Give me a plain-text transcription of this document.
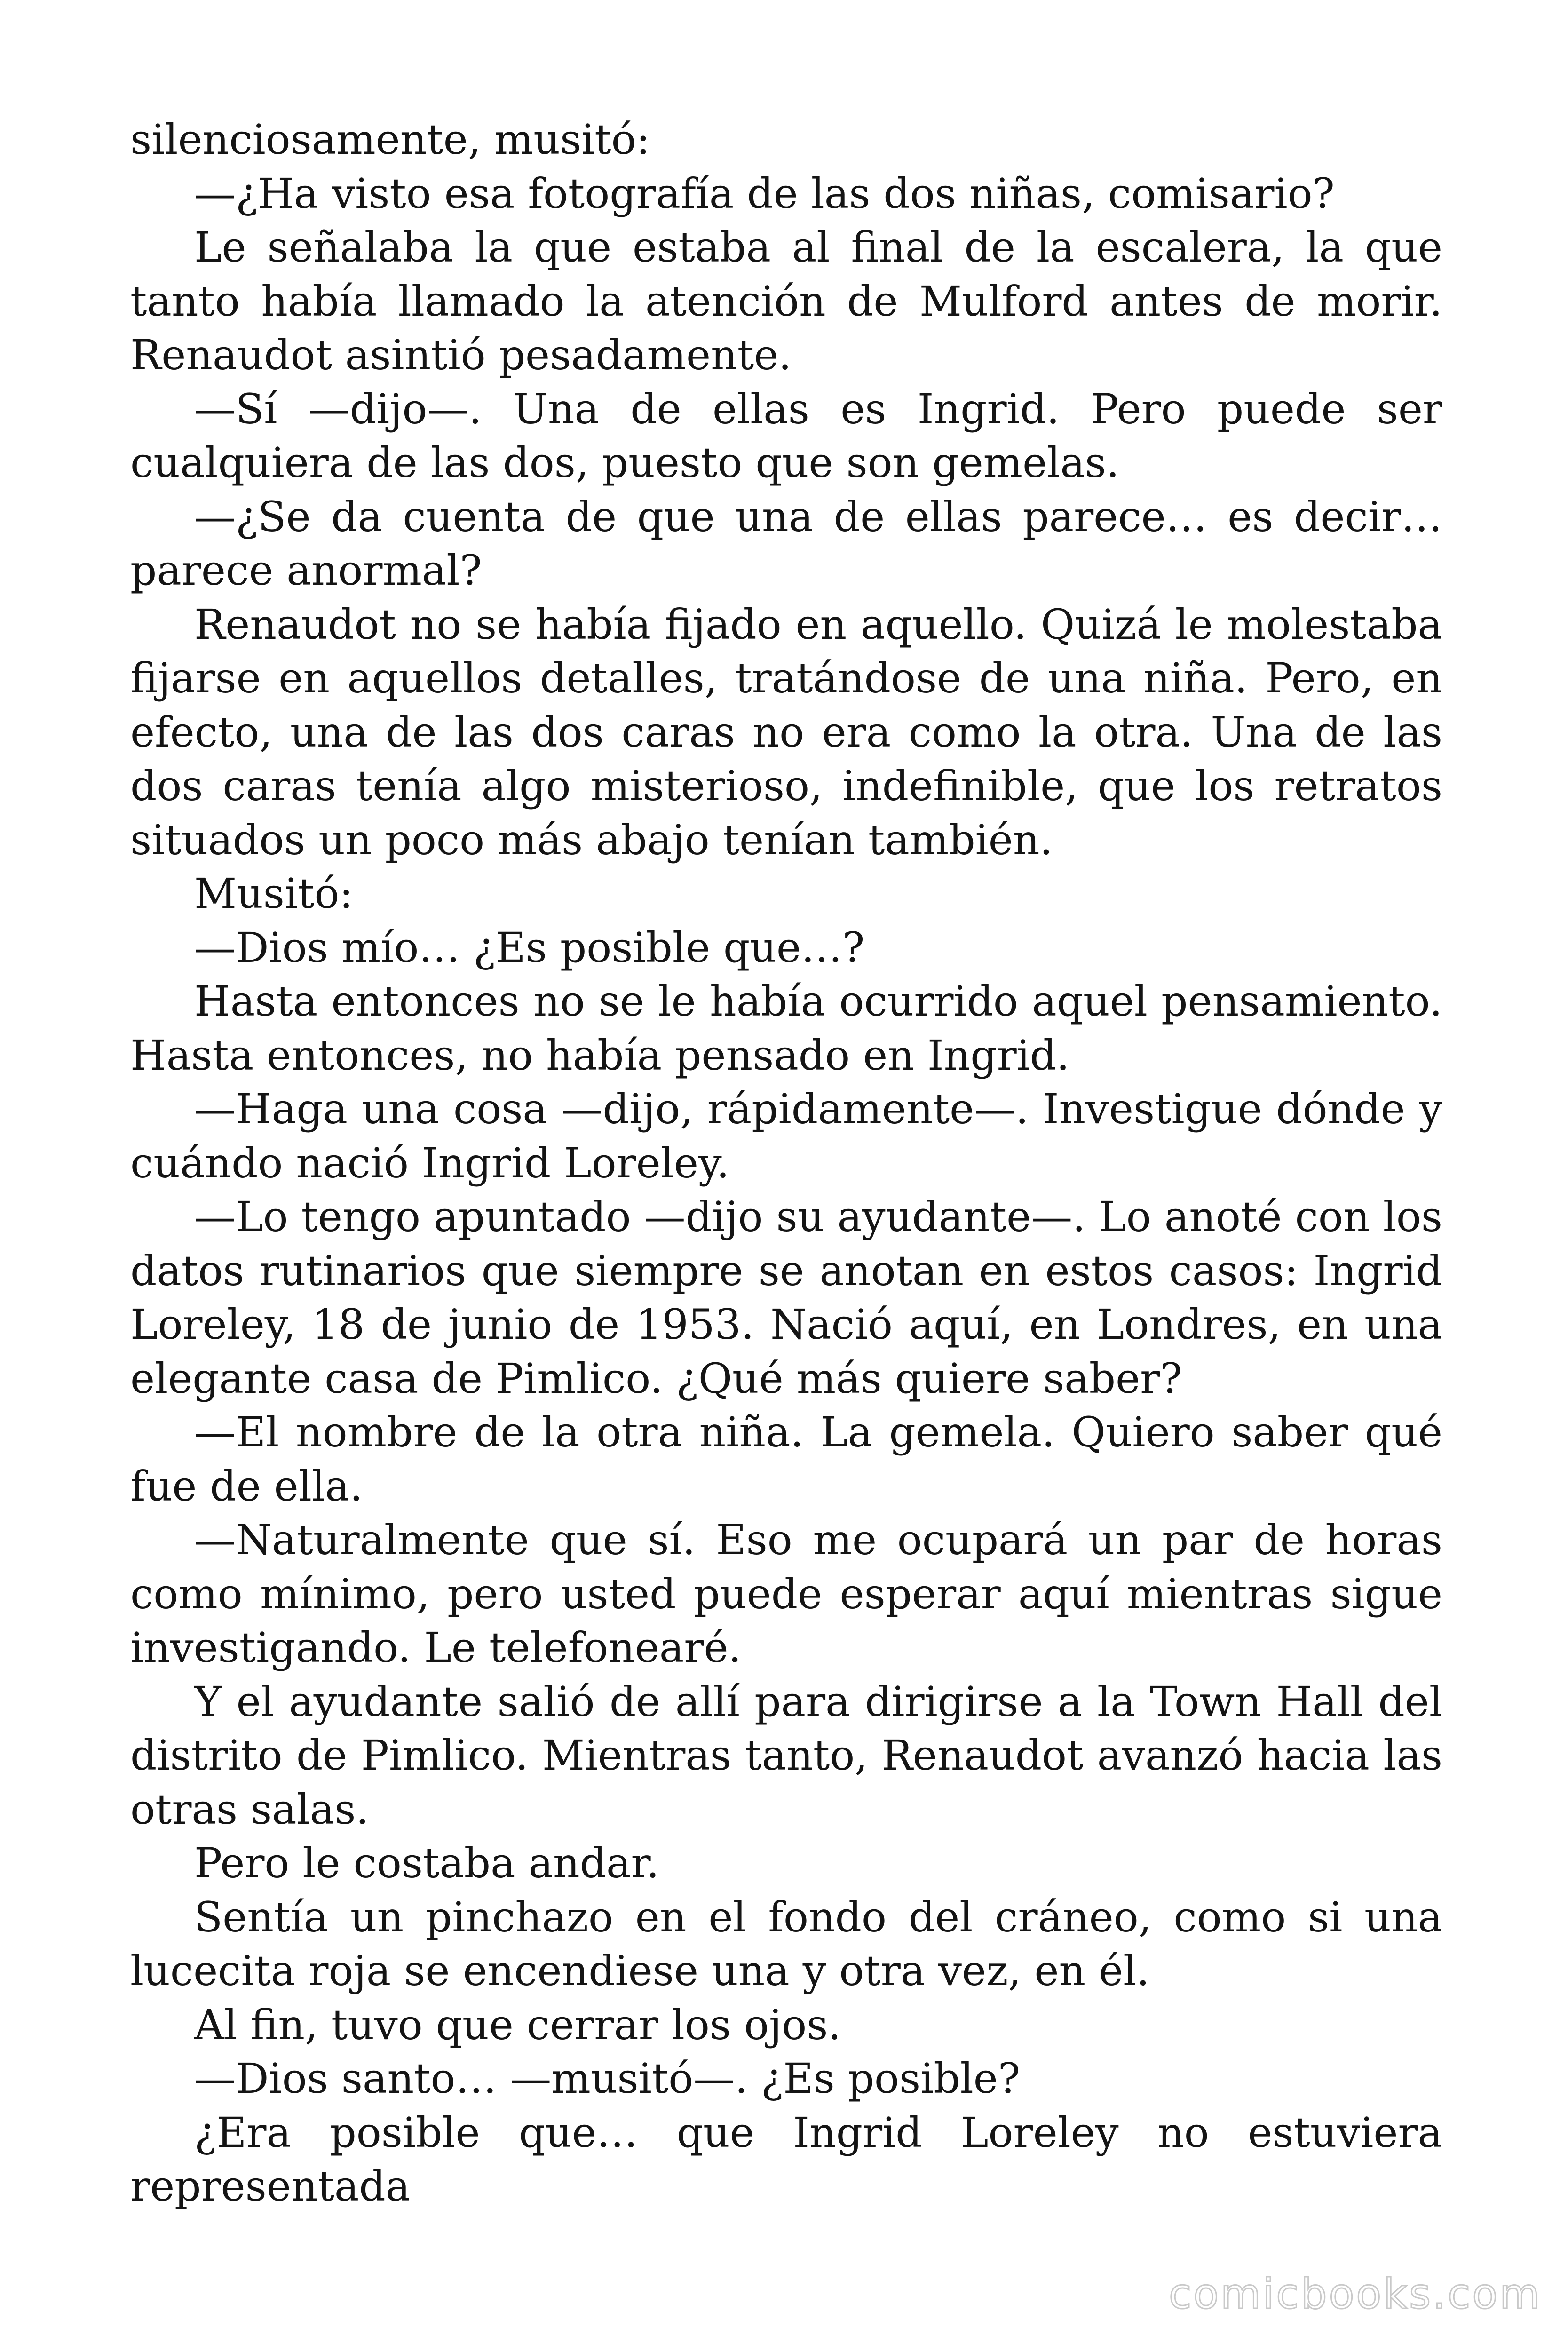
silenciosamente, musitó:

—¿Ha visto esa fotografía de las dos niñas, comisario?

Le señalaba la que estaba al final de la escalera, la que tanto había llamado la atención de Mulford antes de morir. Renaudot asintió pesadamente.

—Sí —dijo—. Una de ellas es Ingrid. Pero puede ser cualquiera de las dos, puesto que son gemelas.

—¿Se da cuenta de que una de ellas parece… es decir… parece anormal?

Renaudot no se había fijado en aquello. Quizá le molestaba fijarse en aquellos detalles, tratándose de una niña. Pero, en efecto, una de las dos caras no era como la otra. Una de las dos caras tenía algo misterioso, indefinible, que los retratos situados un poco más abajo tenían también.

Musitó:

—Dios mío… ¿Es posible que…?

Hasta entonces no se le había ocurrido aquel pensamiento. Hasta entonces, no había pensado en Ingrid.

—Haga una cosa —dijo, rápidamente—. Investigue dónde y cuándo nació Ingrid Loreley.

—Lo tengo apuntado —dijo su ayudante—. Lo anoté con los datos rutinarios que siempre se anotan en estos casos: Ingrid Loreley, 18 de junio de 1953. Nació aquí, en Londres, en una elegante casa de Pimlico. ¿Qué más quiere saber?

—El nombre de la otra niña. La gemela. Quiero saber qué fue de ella.

—Naturalmente que sí. Eso me ocupará un par de horas como mínimo, pero usted puede esperar aquí mientras sigue investigando. Le telefonearé.

Y el ayudante salió de allí para dirigirse a la Town Hall del distrito de Pimlico. Mientras tanto, Renaudot avanzó hacia las otras salas.

Pero le costaba andar.

Sentía un pinchazo en el fondo del cráneo, como si una lucecita roja se encendiese una y otra vez, en él.

Al fin, tuvo que cerrar los ojos.

—Dios santo… —musitó—. ¿Es posible?

¿Era posible que… que Ingrid Loreley no estuviera representada

comicbooks.com
